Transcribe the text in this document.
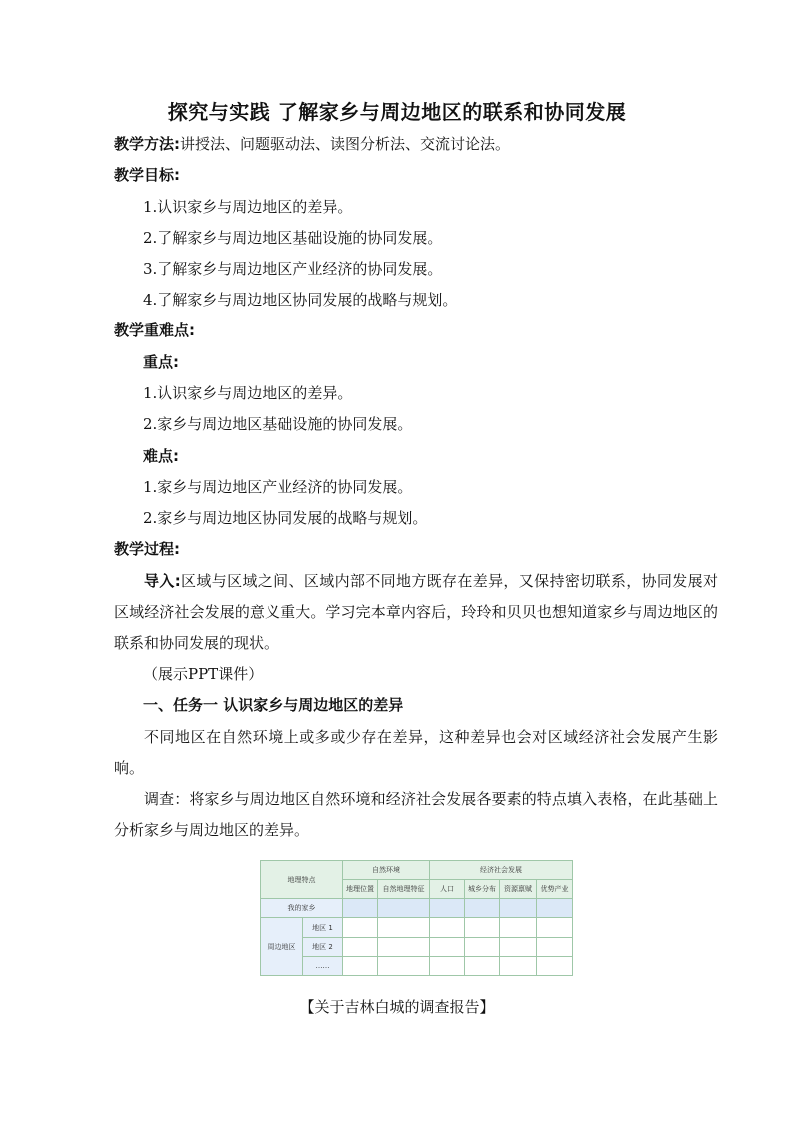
探究与实践 了解家乡与周边地区的联系和协同发展
教学方法:讲授法、问题驱动法、读图分析法、交流讨论法。
教学目标:
1.认识家乡与周边地区的差异。
2.了解家乡与周边地区基础设施的协同发展。
3.了解家乡与周边地区产业经济的协同发展。
4.了解家乡与周边地区协同发展的战略与规划。
教学重难点:
重点:
1.认识家乡与周边地区的差异。
2.家乡与周边地区基础设施的协同发展。
难点:
1.家乡与周边地区产业经济的协同发展。
2.家乡与周边地区协同发展的战略与规划。
教学过程:
导入:区域与区域之间、区域内部不同地方既存在差异，又保持密切联系，协同发展对区域经济社会发展的意义重大。学习完本章内容后，玲玲和贝贝也想知道家乡与周边地区的联系和协同发展的现状。
（展示PPT课件）
一、任务一 认识家乡与周边地区的差异
不同地区在自然环境上或多或少存在差异，这种差异也会对区域经济社会发展产生影响。
调查：将家乡与周边地区自然环境和经济社会发展各要素的特点填入表格，在此基础上分析家乡与周边地区的差异。
地理特点		自然环境		经济社会发展			
		地理位置	自然地理特征	人口	城乡分布	资源禀赋	优势产业
我的家乡							
周边地区	地区 1						
	地区 2						
	……						
【关于吉林白城的调查报告】
